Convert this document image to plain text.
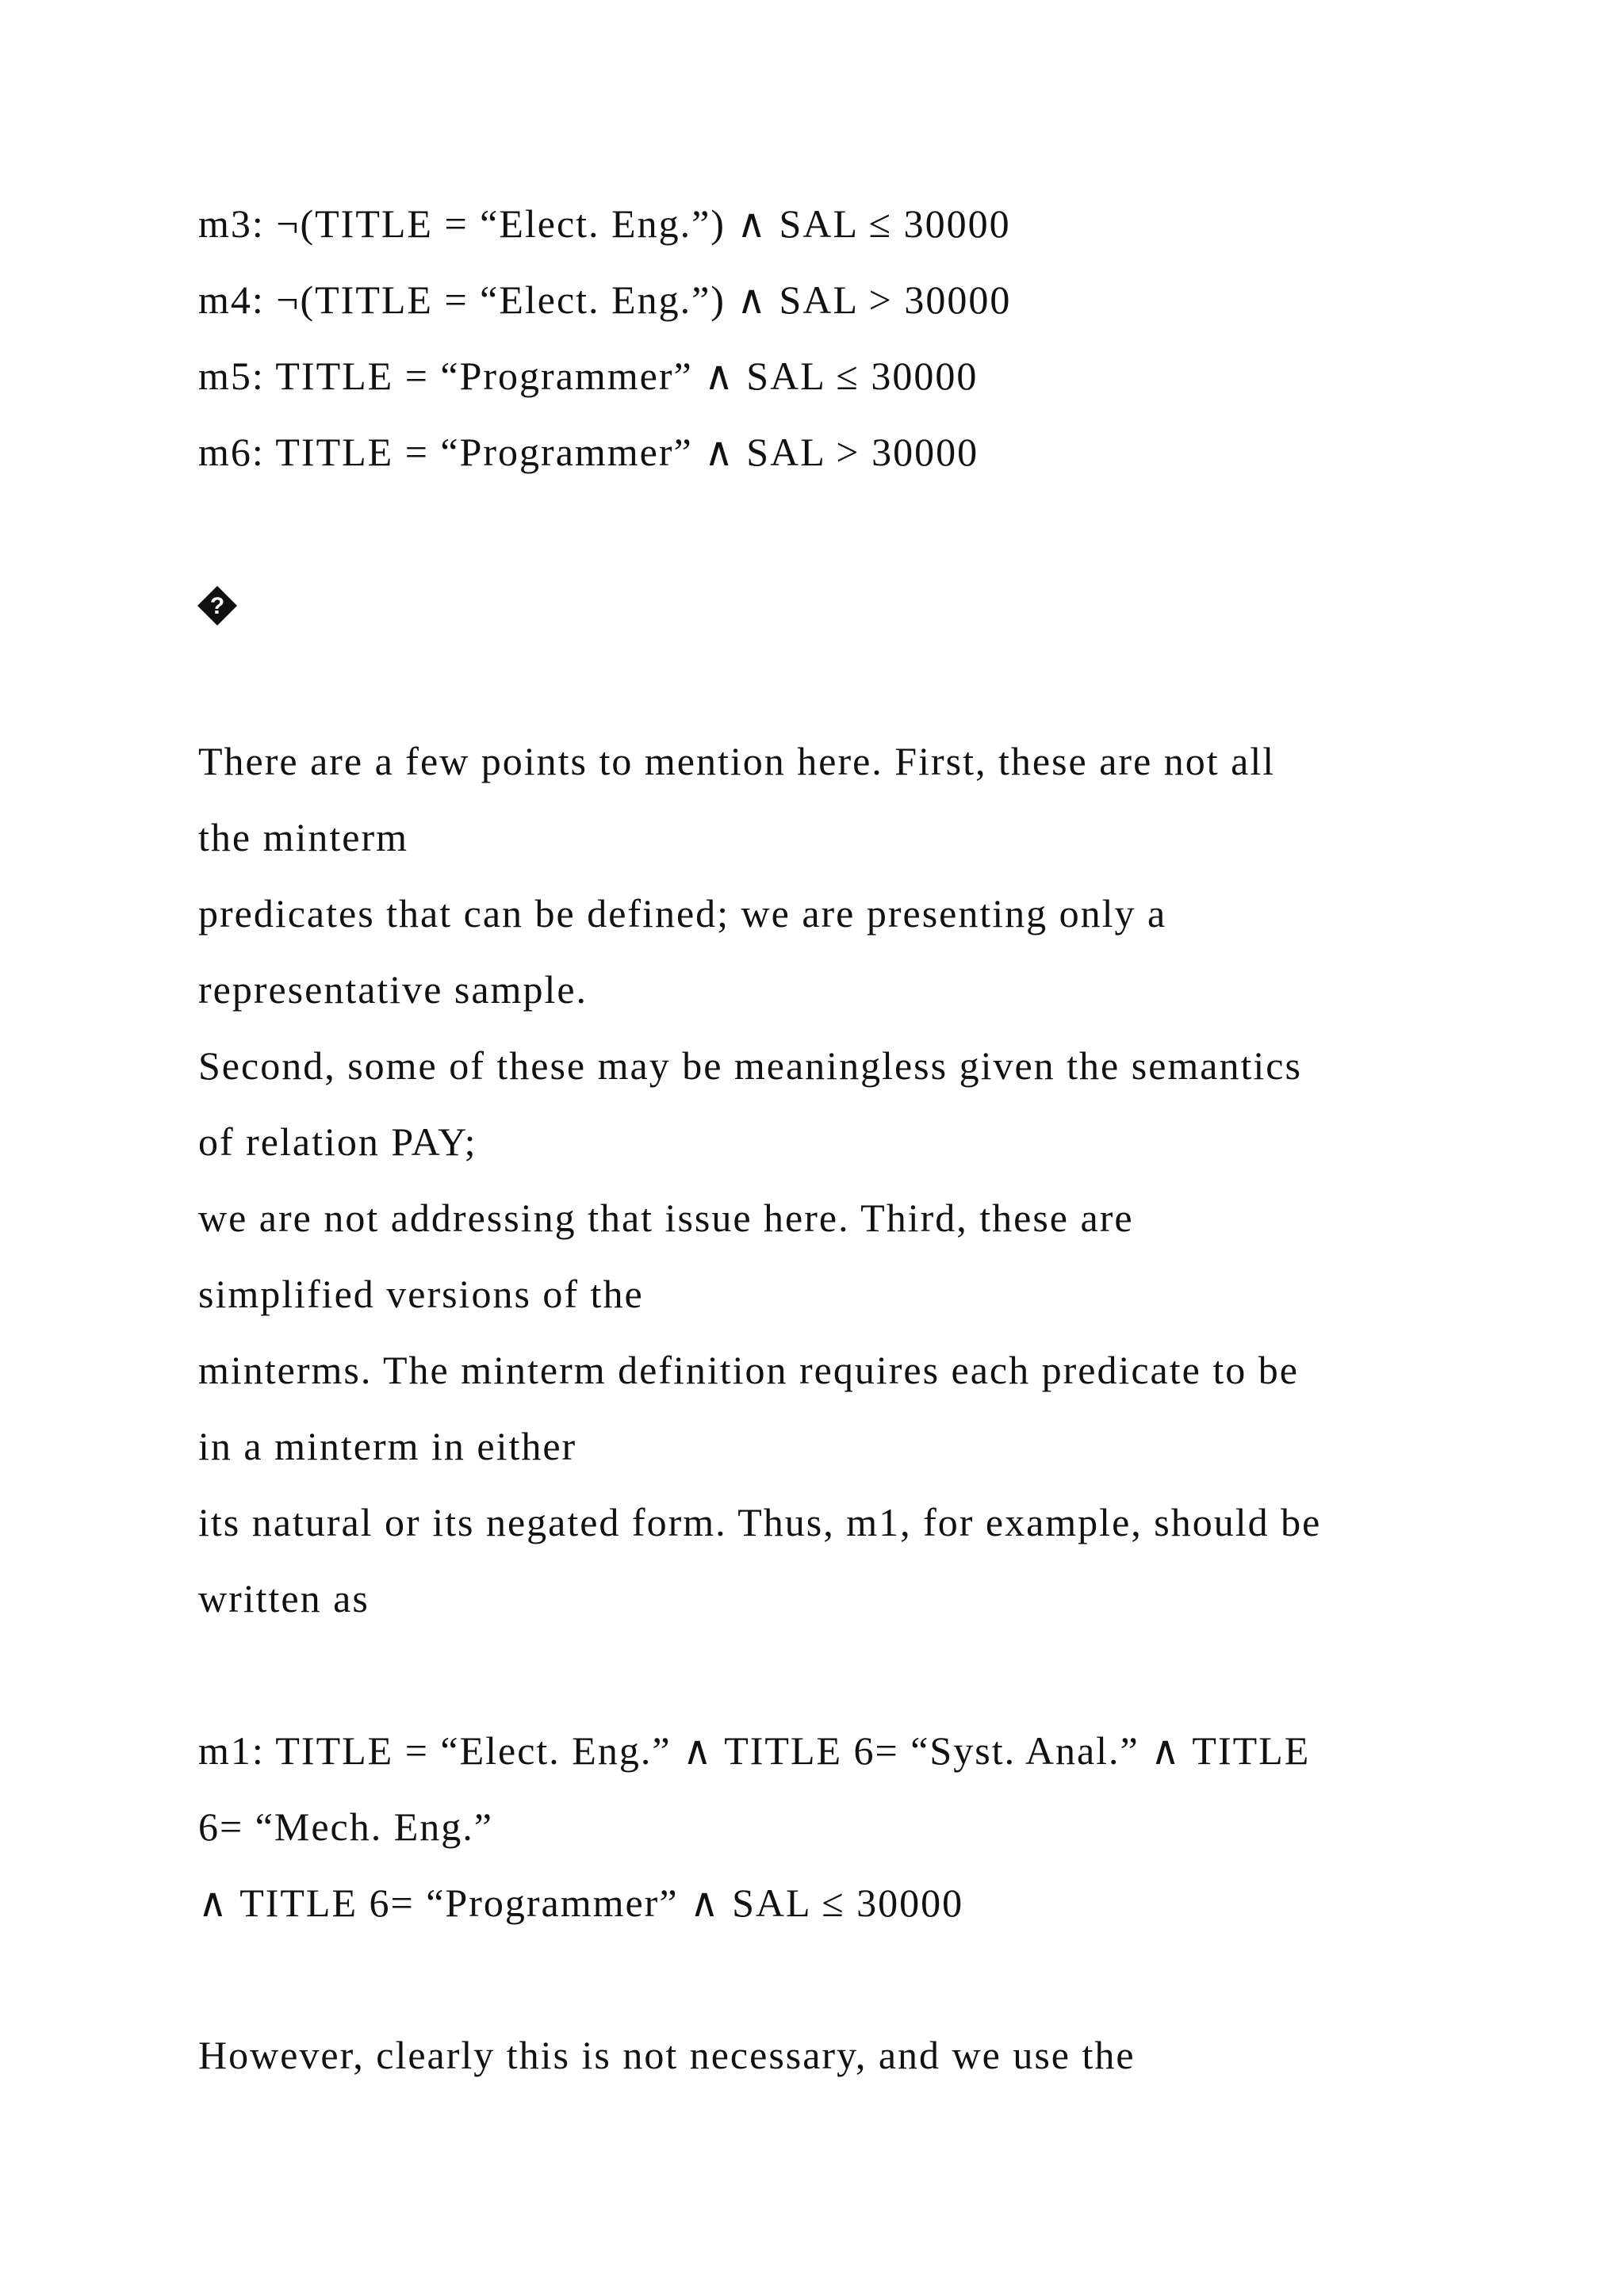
m3: ¬(TITLE = “Elect. Eng.”) ∧ SAL ≤ 30000

m4: ¬(TITLE = “Elect. Eng.”) ∧ SAL > 30000

m5: TITLE = “Programmer” ∧ SAL ≤ 30000

m6: TITLE = “Programmer” ∧ SAL > 30000

?

There are a few points to mention here. First, these are not all

the minterm

predicates that can be defined; we are presenting only a

representative sample.

Second, some of these may be meaningless given the semantics

of relation PAY;

we are not addressing that issue here. Third, these are

simplified versions of the

minterms. The minterm definition requires each predicate to be

in a minterm in either

its natural or its negated form. Thus, m1, for example, should be

written as

m1: TITLE = “Elect. Eng.” ∧ TITLE 6= “Syst. Anal.” ∧ TITLE

6= “Mech. Eng.”

∧ TITLE 6= “Programmer” ∧ SAL ≤ 30000

However, clearly this is not necessary, and we use the
